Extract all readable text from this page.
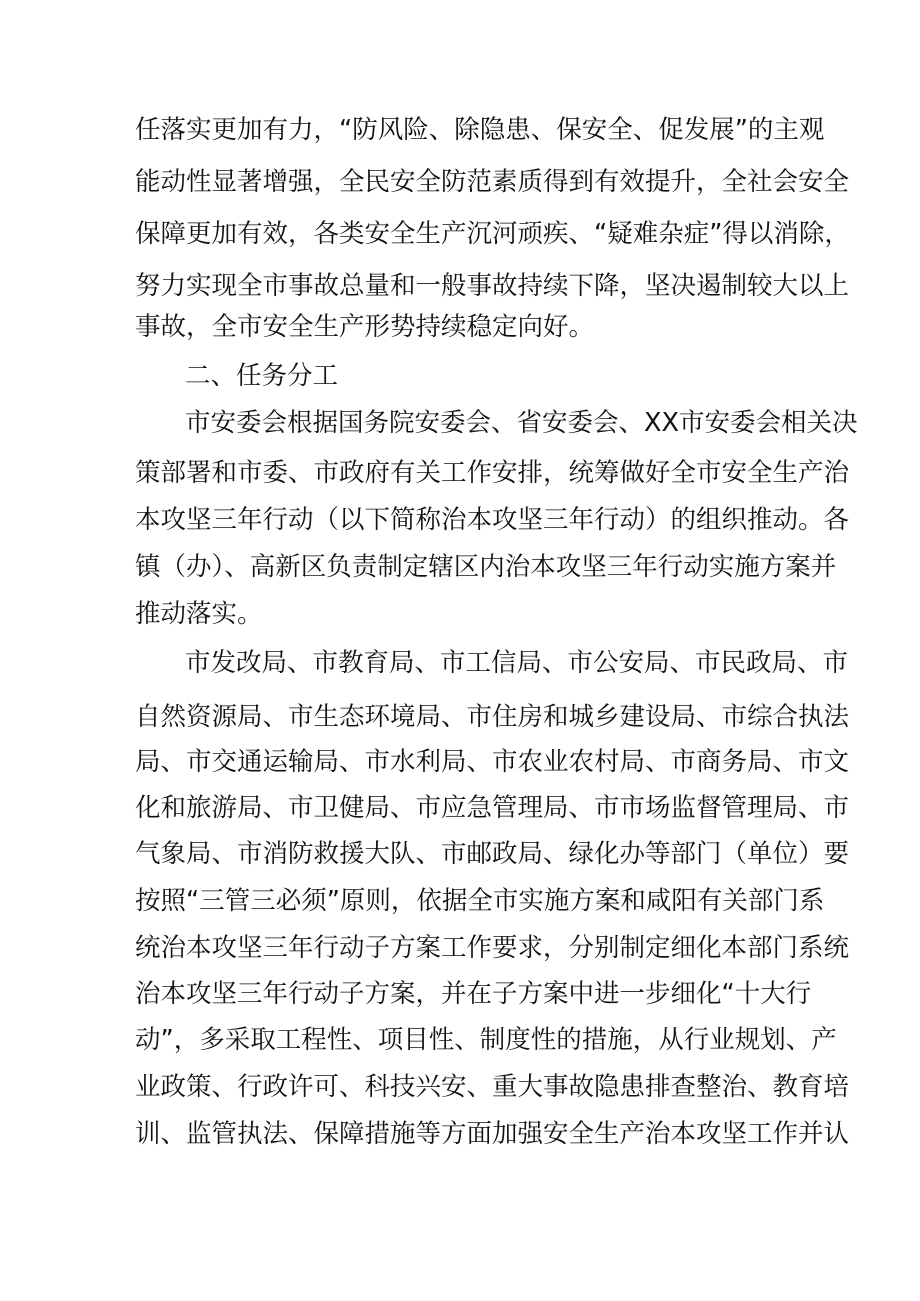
任落实更加有力，“防风险、除隐患、保安全、促发展”的主观
能动性显著增强，全民安全防范素质得到有效提升，全社会安全
保障更加有效，各类安全生产沉河顽疾、“疑难杂症”得以消除，
努力实现全市事故总量和一般事故持续下降，坚决遏制较大以上
事故，全市安全生产形势持续稳定向好。
二、任务分工
市安委会根据国务院安委会、省安委会、XX市安委会相关决
策部署和市委、市政府有关工作安排，统筹做好全市安全生产治
本攻坚三年行动（以下简称治本攻坚三年行动）的组织推动。各
镇（办）、高新区负责制定辖区内治本攻坚三年行动实施方案并
推动落实。
市发改局、市教育局、市工信局、市公安局、市民政局、市
自然资源局、市生态环境局、市住房和城乡建设局、市综合执法
局、市交通运输局、市水利局、市农业农村局、市商务局、市文
化和旅游局、市卫健局、市应急管理局、市市场监督管理局、市
气象局、市消防救援大队、市邮政局、绿化办等部门（单位）要
按照“三管三必须”原则，依据全市实施方案和咸阳有关部门系
统治本攻坚三年行动子方案工作要求，分别制定细化本部门系统
治本攻坚三年行动子方案，并在子方案中进一步细化“十大行
动”，多采取工程性、项目性、制度性的措施，从行业规划、产
业政策、行政许可、科技兴安、重大事故隐患排查整治、教育培
训、监管执法、保障措施等方面加强安全生产治本攻坚工作并认
